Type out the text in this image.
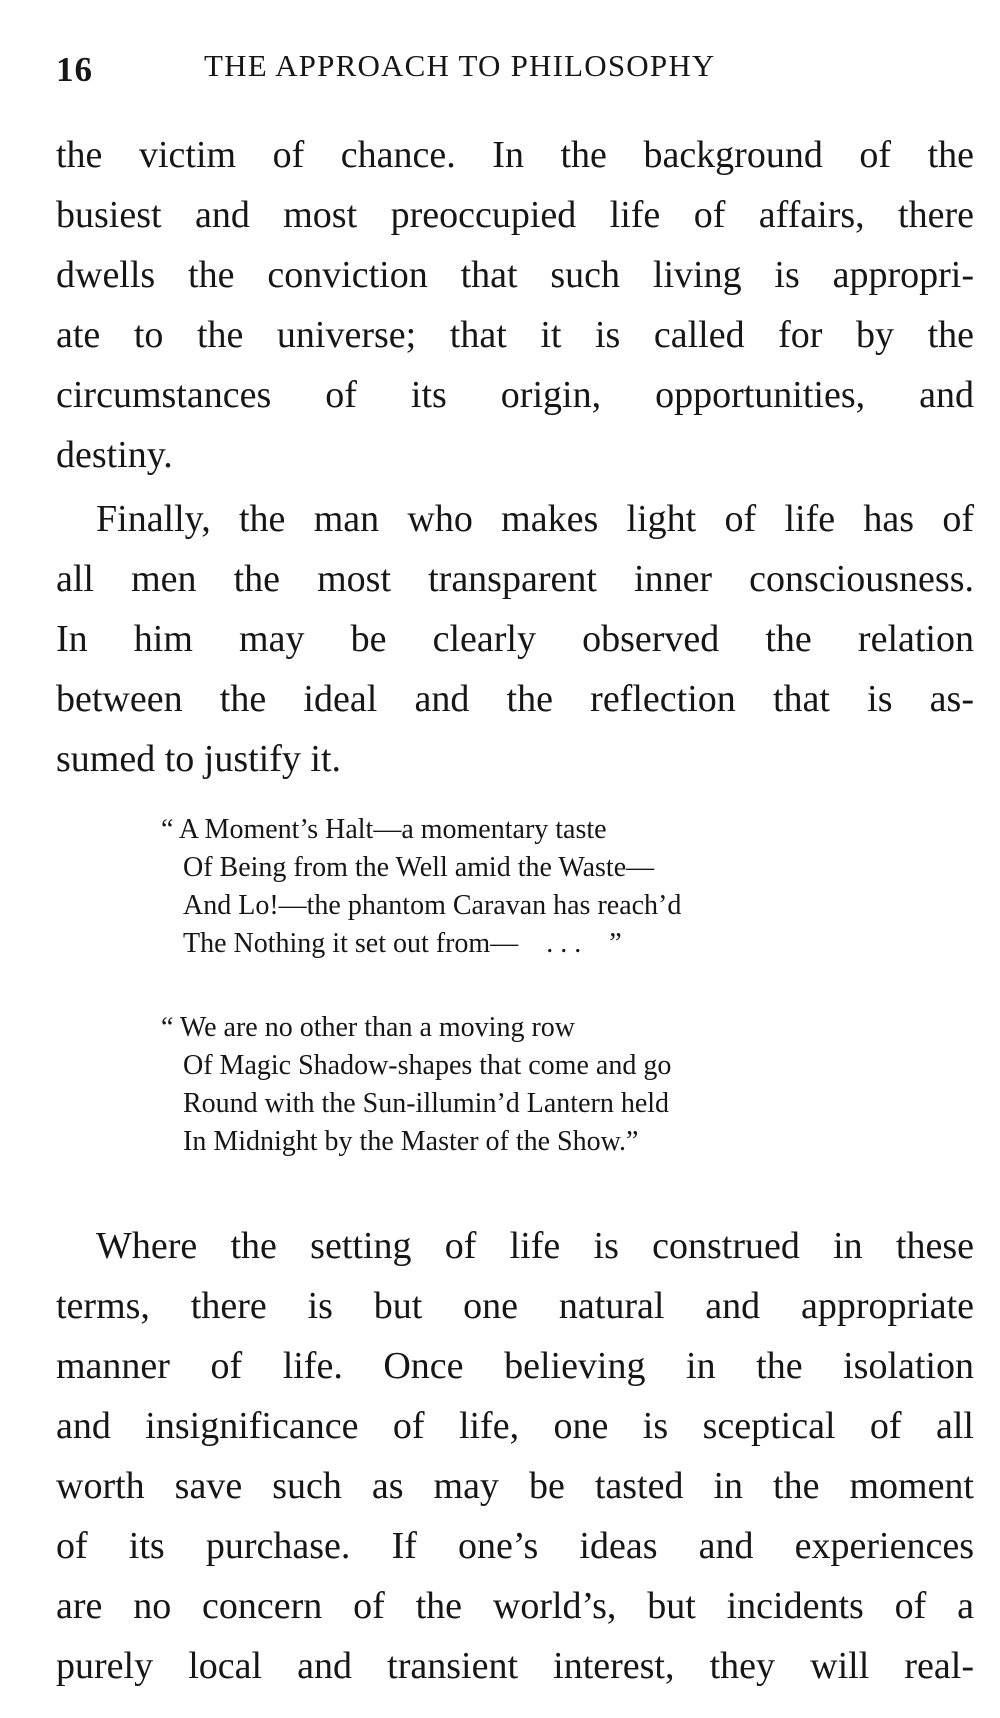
16	THE APPROACH TO PHILOSOPHY
the victim of chance. In the background of the
busiest and most preoccupied life of affairs, there
dwells the conviction that such living is appropri-
ate to the universe; that it is called for by the
circumstances of its origin, opportunities, and
destiny.
Finally, the man who makes light of life has of
all men the most transparent inner consciousness.
In him may be clearly observed the relation
between the ideal and the reflection that is as-
sumed to justify it.
“ A Moment’s Halt—a momentary taste
Of Being from the Well amid the Waste—
And Lo!—the phantom Caravan has reach’d
The Nothing it set out from— . . . ”
“ We are no other than a moving row
Of Magic Shadow-shapes that come and go
Round with the Sun-illumin’d Lantern held
In Midnight by the Master of the Show.”
Where the setting of life is construed in these
terms, there is but one natural and appropriate
manner of life. Once believing in the isolation
and insignificance of life, one is sceptical of all
worth save such as may be tasted in the moment
of its purchase. If one’s ideas and experiences
are no concern of the world’s, but incidents of a
purely local and transient interest, they will real-
